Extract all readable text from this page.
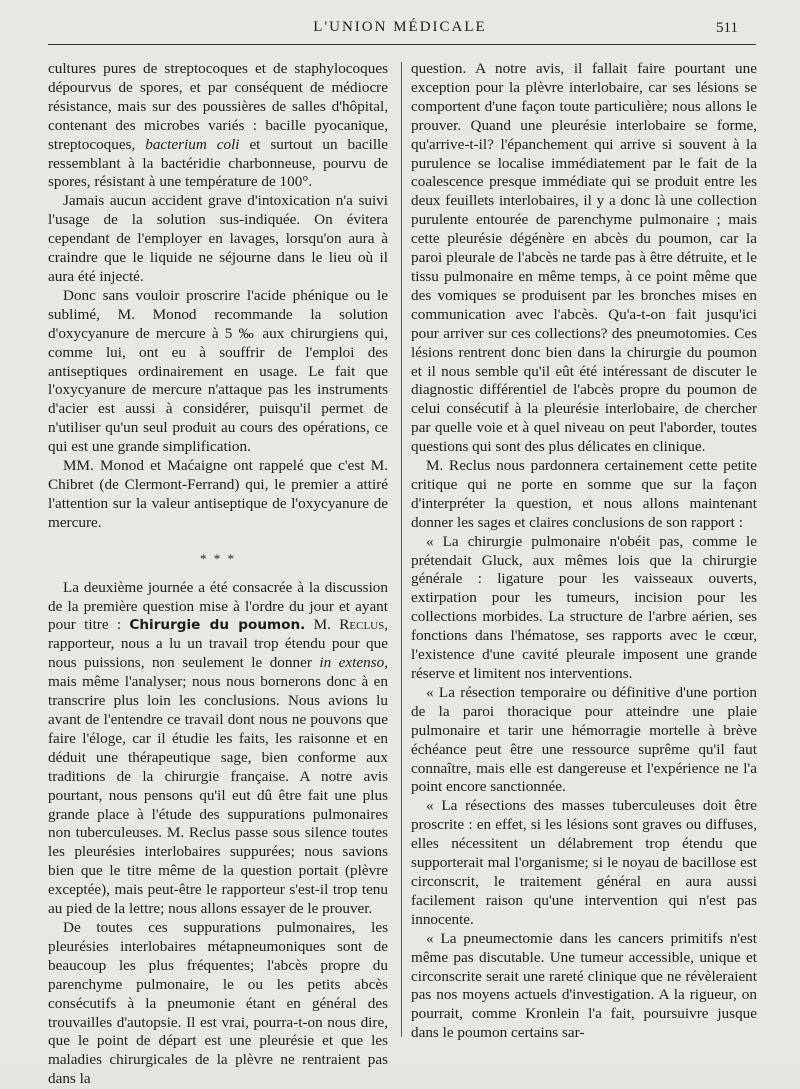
L'UNION MÉDICALE	511

cultures pures de streptocoques et de staphylocoques dépourvus de spores, et par conséquent de médiocre résistance, mais sur des poussières de salles d'hôpital, contenant des microbes variés : bacille pyocanique, streptocoques, bacterium coli et surtout un bacille ressemblant à la bactéridie charbonneuse, pourvu de spores, résistant à une température de 100°.

Jamais aucun accident grave d'intoxication n'a suivi l'usage de la solution sus-indiquée. On évitera cependant de l'employer en lavages, lorsqu'on aura à craindre que le liquide ne séjourne dans le lieu où il aura été injecté.

Donc sans vouloir proscrire l'acide phénique ou le sublimé, M. Monod recommande la solution d'oxycyanure de mercure à 5 ‰ aux chirurgiens qui, comme lui, ont eu à souffrir de l'emploi des antiseptiques ordinairement en usage. Le fait que l'oxycyanure de mercure n'attaque pas les instruments d'acier est aussi à considérer, puisqu'il permet de n'utiliser qu'un seul produit au cours des opérations, ce qui est une grande simplification.

MM. Monod et Maćaigne ont rappelé que c'est M. Chibret (de Clermont-Ferrand) qui, le premier a attiré l'attention sur la valeur antiseptique de l'oxycyanure de mercure.

* * *

La deuxième journée a été consacrée à la discussion de la première question mise à l'ordre du jour et ayant pour titre : Chirurgie du poumon. M. Reclus, rapporteur, nous a lu un travail trop étendu pour que nous puissions, non seulement le donner in extenso, mais même l'analyser; nous nous bornerons donc à en transcrire plus loin les conclusions. Nous avions lu avant de l'entendre ce travail dont nous ne pouvons que faire l'éloge, car il étudie les faits, les raisonne et en déduit une thérapeutique sage, bien conforme aux traditions de la chirurgie française. A notre avis pourtant, nous pensons qu'il eut dû être fait une plus grande place à l'étude des suppurations pulmonaires non tuberculeuses. M. Reclus passe sous silence toutes les pleurésies interlobaires suppurées; nous savions bien que le titre même de la question portait (plèvre exceptée), mais peut-être le rapporteur s'est-il trop tenu au pied de la lettre; nous allons essayer de le prouver.

De toutes ces suppurations pulmonaires, les pleurésies interlobaires métapneumoniques sont de beaucoup les plus fréquentes; l'abcès propre du parenchyme pulmonaire, le ou les petits abcès consécutifs à la pneumonie étant en général des trouvailles d'autopsie. Il est vrai, pourra-t-on nous dire, que le point de départ est une pleurésie et que les maladies chirurgicales de la plèvre ne rentraient pas dans la

question. A notre avis, il fallait faire pourtant une exception pour la plèvre interlobaire, car ses lésions se comportent d'une façon toute particulière; nous allons le prouver. Quand une pleurésie interlobaire se forme, qu'arrive-t-il? l'épanchement qui arrive si souvent à la purulence se localise immédiatement par le fait de la coalescence presque immédiate qui se produit entre les deux feuillets interlobaires, il y a donc là une collection purulente entourée de parenchyme pulmonaire ; mais cette pleurésie dégénère en abcès du poumon, car la paroi pleurale de l'abcès ne tarde pas à être détruite, et le tissu pulmonaire en même temps, à ce point même que des vomiques se produisent par les bronches mises en communication avec l'abcès. Qu'a-t-on fait jusqu'ici pour arriver sur ces collections? des pneumotomies. Ces lésions rentrent donc bien dans la chirurgie du poumon et il nous semble qu'il eût été intéressant de discuter le diagnostic différentiel de l'abcès propre du poumon de celui consécutif à la pleurésie interlobaire, de chercher par quelle voie et à quel niveau on peut l'aborder, toutes questions qui sont des plus délicates en clinique.

M. Reclus nous pardonnera certainement cette petite critique qui ne porte en somme que sur la façon d'interpréter la question, et nous allons maintenant donner les sages et claires conclusions de son rapport :

« La chirurgie pulmonaire n'obéit pas, comme le prétendait Gluck, aux mêmes lois que la chirurgie générale : ligature pour les vaisseaux ouverts, extirpation pour les tumeurs, incision pour les collections morbides. La structure de l'arbre aérien, ses fonctions dans l'hématose, ses rapports avec le cœur, l'existence d'une cavité pleurale imposent une grande réserve et limitent nos interventions.

« La résection temporaire ou définitive d'une portion de la paroi thoracique pour atteindre une plaie pulmonaire et tarir une hémorragie mortelle à brève échéance peut être une ressource suprême qu'il faut connaître, mais elle est dangereuse et l'expérience ne l'a point encore sanctionnée.

« La résections des masses tuberculeuses doit être proscrite : en effet, si les lésions sont graves ou diffuses, elles nécessitent un délabrement trop étendu que supporterait mal l'organisme; si le noyau de bacillose est circonscrit, le traitement général en aura aussi facilement raison qu'une intervention qui n'est pas innocente.

« La pneumectomie dans les cancers primitifs n'est même pas discutable. Une tumeur accessible, unique et circonscrite serait une rareté clinique que ne révèleraient pas nos moyens actuels d'investigation. A la rigueur, on pourrait, comme Kronlein l'a fait, poursuivre jusque dans le poumon certains sar-
